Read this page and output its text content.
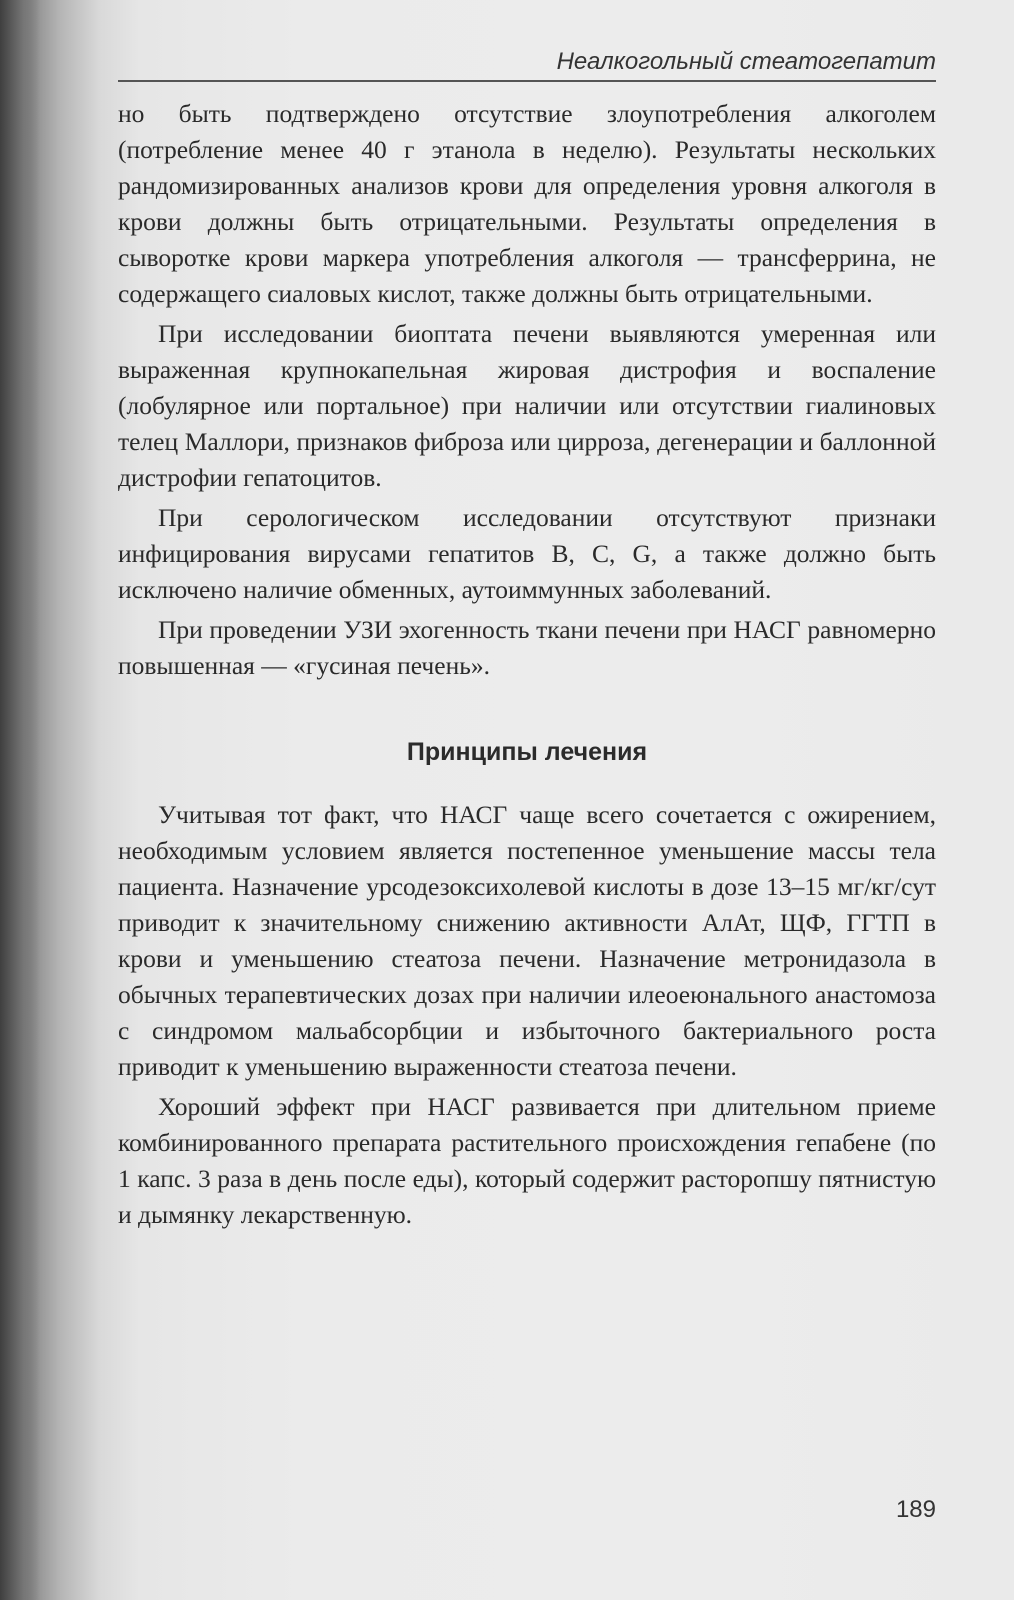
Неалкогольный стеатогепатит

но быть подтверждено отсутствие злоупотребления алкоголем (потребление менее 40 г этанола в неделю). Результаты нескольких рандомизированных анализов крови для определения уровня алкоголя в крови должны быть отрицательными. Результаты определения в сыворотке крови маркера употребления алкоголя — трансферрина, не содержащего сиаловых кислот, также должны быть отрицательными.

При исследовании биоптата печени выявляются умеренная или выраженная крупнокапельная жировая дистрофия и воспаление (лобулярное или портальное) при наличии или отсутствии гиалиновых телец Маллори, признаков фиброза или цирроза, дегенерации и баллонной дистрофии гепатоцитов.

При серологическом исследовании отсутствуют признаки инфицирования вирусами гепатитов В, С, G, а также должно быть исключено наличие обменных, аутоиммунных заболеваний.

При проведении УЗИ эхогенность ткани печени при НАСГ равномерно повышенная — «гусиная печень».

Принципы лечения

Учитывая тот факт, что НАСГ чаще всего сочетается с ожирением, необходимым условием является постепенное уменьшение массы тела пациента. Назначение урсодезоксихолевой кислоты в дозе 13–15 мг/кг/сут приводит к значительному снижению активности АлАт, ЩФ, ГГТП в крови и уменьшению стеатоза печени. Назначение метронидазола в обычных терапевтических дозах при наличии илеоеюнального анастомоза с синдромом мальабсорбции и избыточного бактериального роста приводит к уменьшению выраженности стеатоза печени.

Хороший эффект при НАСГ развивается при длительном приеме комбинированного препарата растительного происхождения гепабене (по 1 капс. 3 раза в день после еды), который содержит расторопшу пятнистую и дымянку лекарственную.

189
